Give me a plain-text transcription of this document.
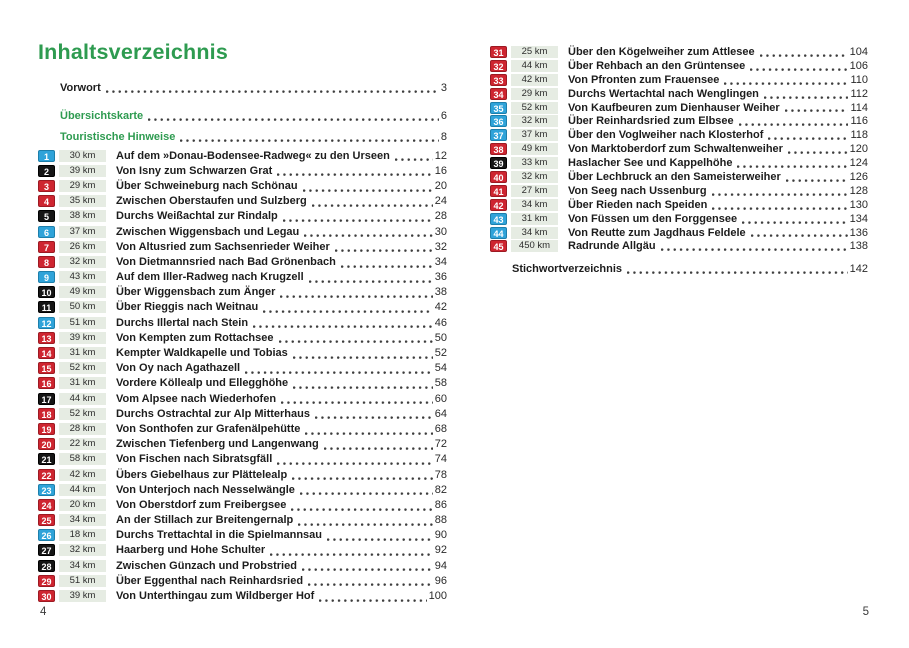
Inhaltsverzeichnis
Vorwort	3
Übersichtskarte	6
Touristische Hinweise	8
1	30 km	Auf dem »Donau-Bodensee-Radweg« zu den Urseen	12
2	39 km	Von Isny zum Schwarzen Grat	16
3	29 km	Über Schweineburg nach Schönau	20
4	35 km	Zwischen Oberstaufen und Sulzberg	24
5	38 km	Durchs Weißachtal zur Rindalp	28
6	37 km	Zwischen Wiggensbach und Legau	30
7	26 km	Von Altusried zum Sachsenrieder Weiher	32
8	32 km	Von Dietmannsried nach Bad Grönenbach	34
9	43 km	Auf dem Iller-Radweg nach Krugzell	36
10	49 km	Über Wiggensbach zum Änger	38
11	50 km	Über Rieggis nach Weitnau	42
12	51 km	Durchs Illertal nach Stein	46
13	39 km	Von Kempten zum Rottachsee	50
14	31 km	Kempter Waldkapelle und Tobias	52
15	52 km	Von Oy nach Agathazell	54
16	31 km	Vordere Köllealp und Ellegghöhe	58
17	44 km	Vom Alpsee nach Wiederhofen	60
18	52 km	Durchs Ostrachtal zur Alp Mitterhaus	64
19	28 km	Von Sonthofen zur Grafenälpehütte	68
20	22 km	Zwischen Tiefenberg und Langenwang	72
21	58 km	Von Fischen nach Sibratsgfäll	74
22	42 km	Übers Giebelhaus zur Plättelealp	78
23	44 km	Von Unterjoch nach Nesselwängle	82
24	20 km	Von Oberstdorf zum Freibergsee	86
25	34 km	An der Stillach zur Breitengernalp	88
26	18 km	Durchs Trettachtal in die Spielmannsau	90
27	32 km	Haarberg und Hohe Schulter	92
28	34 km	Zwischen Günzach und Probstried	94
29	51 km	Über Eggenthal nach Reinhardsried	96
30	39 km	Von Unterthingau zum Wildberger Hof	100
31	25 km	Über den Kögelweiher zum Attlesee	104
32	44 km	Über Rehbach an den Grüntensee	106
33	42 km	Von Pfronten zum Frauensee	110
34	29 km	Durchs Wertachtal nach Wenglingen	112
35	52 km	Von Kaufbeuren zum Dienhauser Weiher	114
36	32 km	Über Reinhardsried zum Elbsee	116
37	37 km	Über den Voglweiher nach Klosterhof	118
38	49 km	Von Marktoberdorf zum Schwaltenweiher	120
39	33 km	Haslacher See und Kappelhöhe	124
40	32 km	Über Lechbruck an den Sameisterweiher	126
41	27 km	Von Seeg nach Ussenburg	128
42	34 km	Über Rieden nach Speiden	130
43	31 km	Von Füssen um den Forggensee	134
44	34 km	Von Reutte zum Jagdhaus Feldele	136
45	450 km	Radrunde Allgäu	138
Stichwortverzeichnis	142
4	5
